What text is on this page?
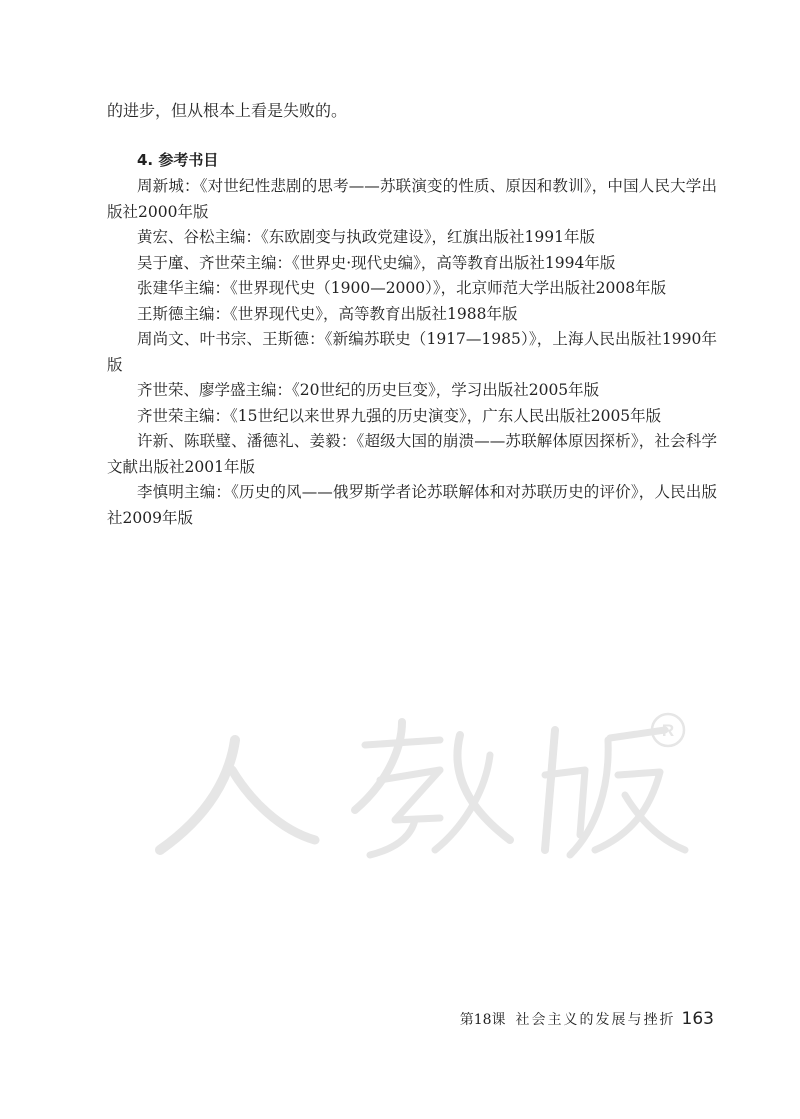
的进步，但从根本上看是失败的。
4. 参考书目
周新城：《对世纪性悲剧的思考——苏联演变的性质、原因和教训》，中国人民大学出版社2000年版
黄宏、谷松主编：《东欧剧变与执政党建设》，红旗出版社1991年版
吴于廑、齐世荣主编：《世界史·现代史编》，高等教育出版社1994年版
张建华主编：《世界现代史（1900—2000）》，北京师范大学出版社2008年版
王斯德主编：《世界现代史》，高等教育出版社1988年版
周尚文、叶书宗、王斯德：《新编苏联史（1917—1985）》，上海人民出版社1990年版
齐世荣、廖学盛主编：《20世纪的历史巨变》，学习出版社2005年版
齐世荣主编：《15世纪以来世界九强的历史演变》，广东人民出版社2005年版
许新、陈联璧、潘德礼、姜毅：《超级大国的崩溃——苏联解体原因探析》，社会科学文献出版社2001年版
李慎明主编：《历史的风——俄罗斯学者论苏联解体和对苏联历史的评价》，人民出版社2009年版
R
第18课 社会主义的发展与挫折 163
